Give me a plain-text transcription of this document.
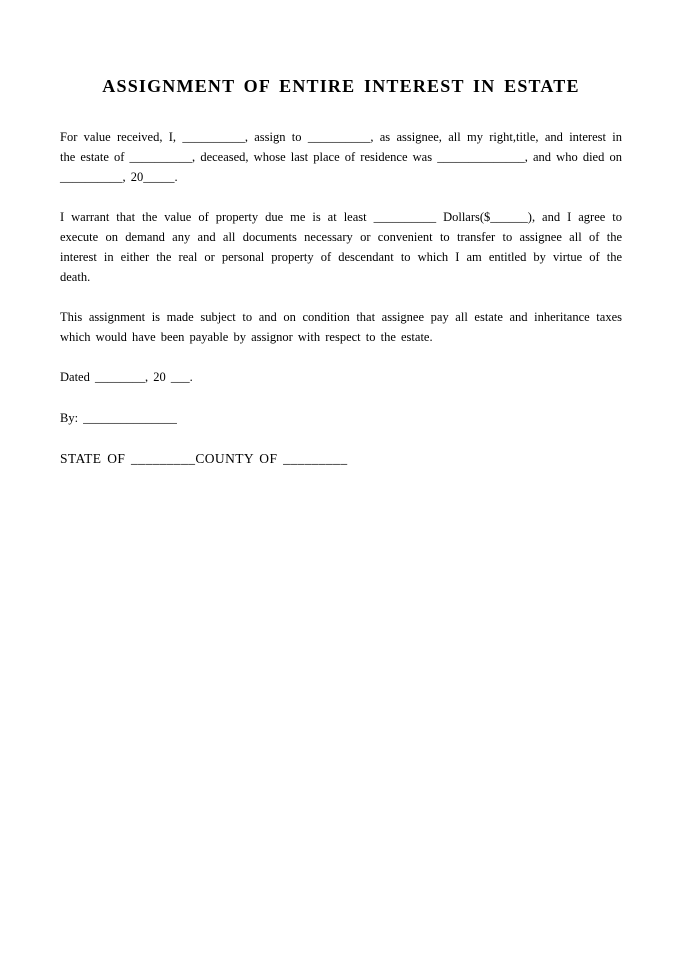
ASSIGNMENT OF ENTIRE INTEREST IN ESTATE

For value received, I, __________, assign to __________, as assignee, all my right,title, and interest in the estate of __________, deceased, whose last place of residence was ______________, and who died on __________, 20_____.

I warrant that the value of property due me is at least __________ Dollars($______), and I agree to execute on demand any and all documents necessary or convenient to transfer to assignee all of the interest in either the real or personal property of descendant to which I am entitled by virtue of the death.

This assignment is made subject to and on condition that assignee pay all estate and inheritance taxes which would have been payable by assignor with respect to the estate.

Dated ________, 20 ___.

By: _______________

STATE OF _________COUNTY OF _________
